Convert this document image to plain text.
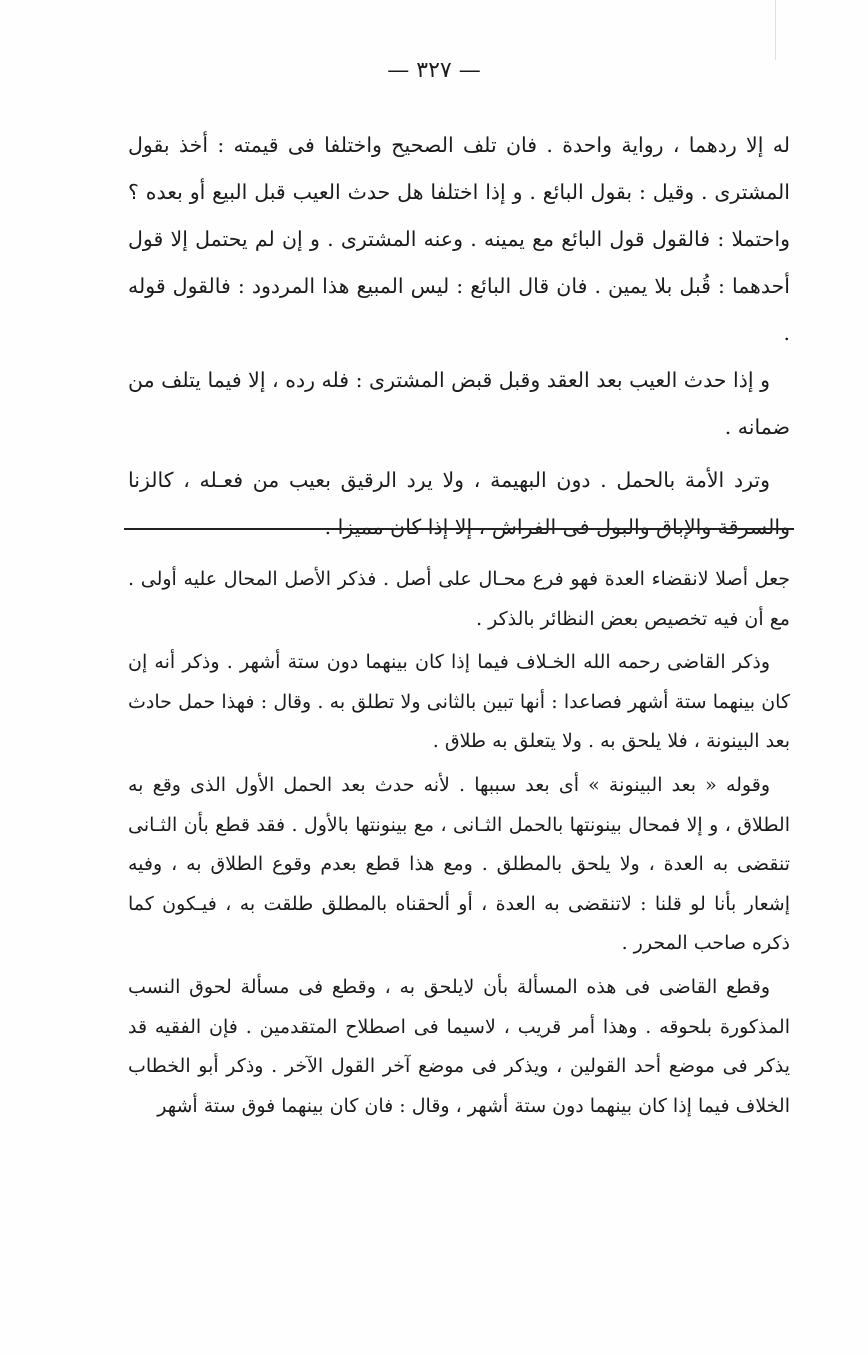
— ٣٢٧ —

له إلا ردهما ، رواية واحدة . فان تلف الصحيح واختلفا فى قيمته : أخذ بقول المشترى . وقيل : بقول البائع . و إذا اختلفا هل حدث العيب قبل البيع أو بعده ؟ واحتملا : فالقول قول البائع مع يمينه . وعنه المشترى . و إن لم يحتمل إلا قول أحدهما : قُبل بلا يمين . فان قال البائع : ليس المبيع هذا المردود : فالقول قوله .

و إذا حدث العيب بعد العقد وقبل قبض المشترى : فله رده ، إلا فيما يتلف من ضمانه .

وترد الأمة بالحمل . دون البهيمة ، ولا يرد الرقيق بعيب من فعـله ، كالزنا والسرقة والإباق والبول فى الفراش ، إلا إذا كان مميزا .

جعل أصلا لانقضاء العدة فهو فرع محـال على أصل . فذكر الأصل المحال عليه أولى . مع أن فيه تخصيص بعض النظائر بالذكر .

وذكر القاضى رحمه الله الخـلاف فيما إذا كان بينهما دون ستة أشهر . وذكر أنه إن كان بينهما ستة أشهر فصاعدا : أنها تبين بالثانى ولا تطلق به . وقال : فهذا حمل حادث بعد البينونة ، فلا يلحق به . ولا يتعلق به طلاق .

وقوله « بعد البينونة » أى بعد سببها . لأنه حدث بعد الحمل الأول الذى وقع به الطلاق ، و إلا فمحال بينونتها بالحمل الثـانى ، مع بينونتها بالأول . فقد قطع بأن الثـانى تنقضى به العدة ، ولا يلحق بالمطلق . ومع هذا قطع بعدم وقوع الطلاق به ، وفيه إشعار بأنا لو قلنا : لاتنقضى به العدة ، أو ألحقناه بالمطلق طلقت به ، فيـكون كما ذكره صاحب المحرر .

وقطع القاضى فى هذه المسألة بأن لايلحق به ، وقطع فى مسألة لحوق النسب المذكورة بلحوقه . وهذا أمر قريب ، لاسيما فى اصطلاح المتقدمين . فإن الفقيه قد يذكر فى موضع أحد القولين ، ويذكر فى موضع آخر القول الآخر . وذكر أبو الخطاب الخلاف فيما إذا كان بينهما دون ستة أشهر ، وقال : فان كان بينهما فوق ستة أشهر
